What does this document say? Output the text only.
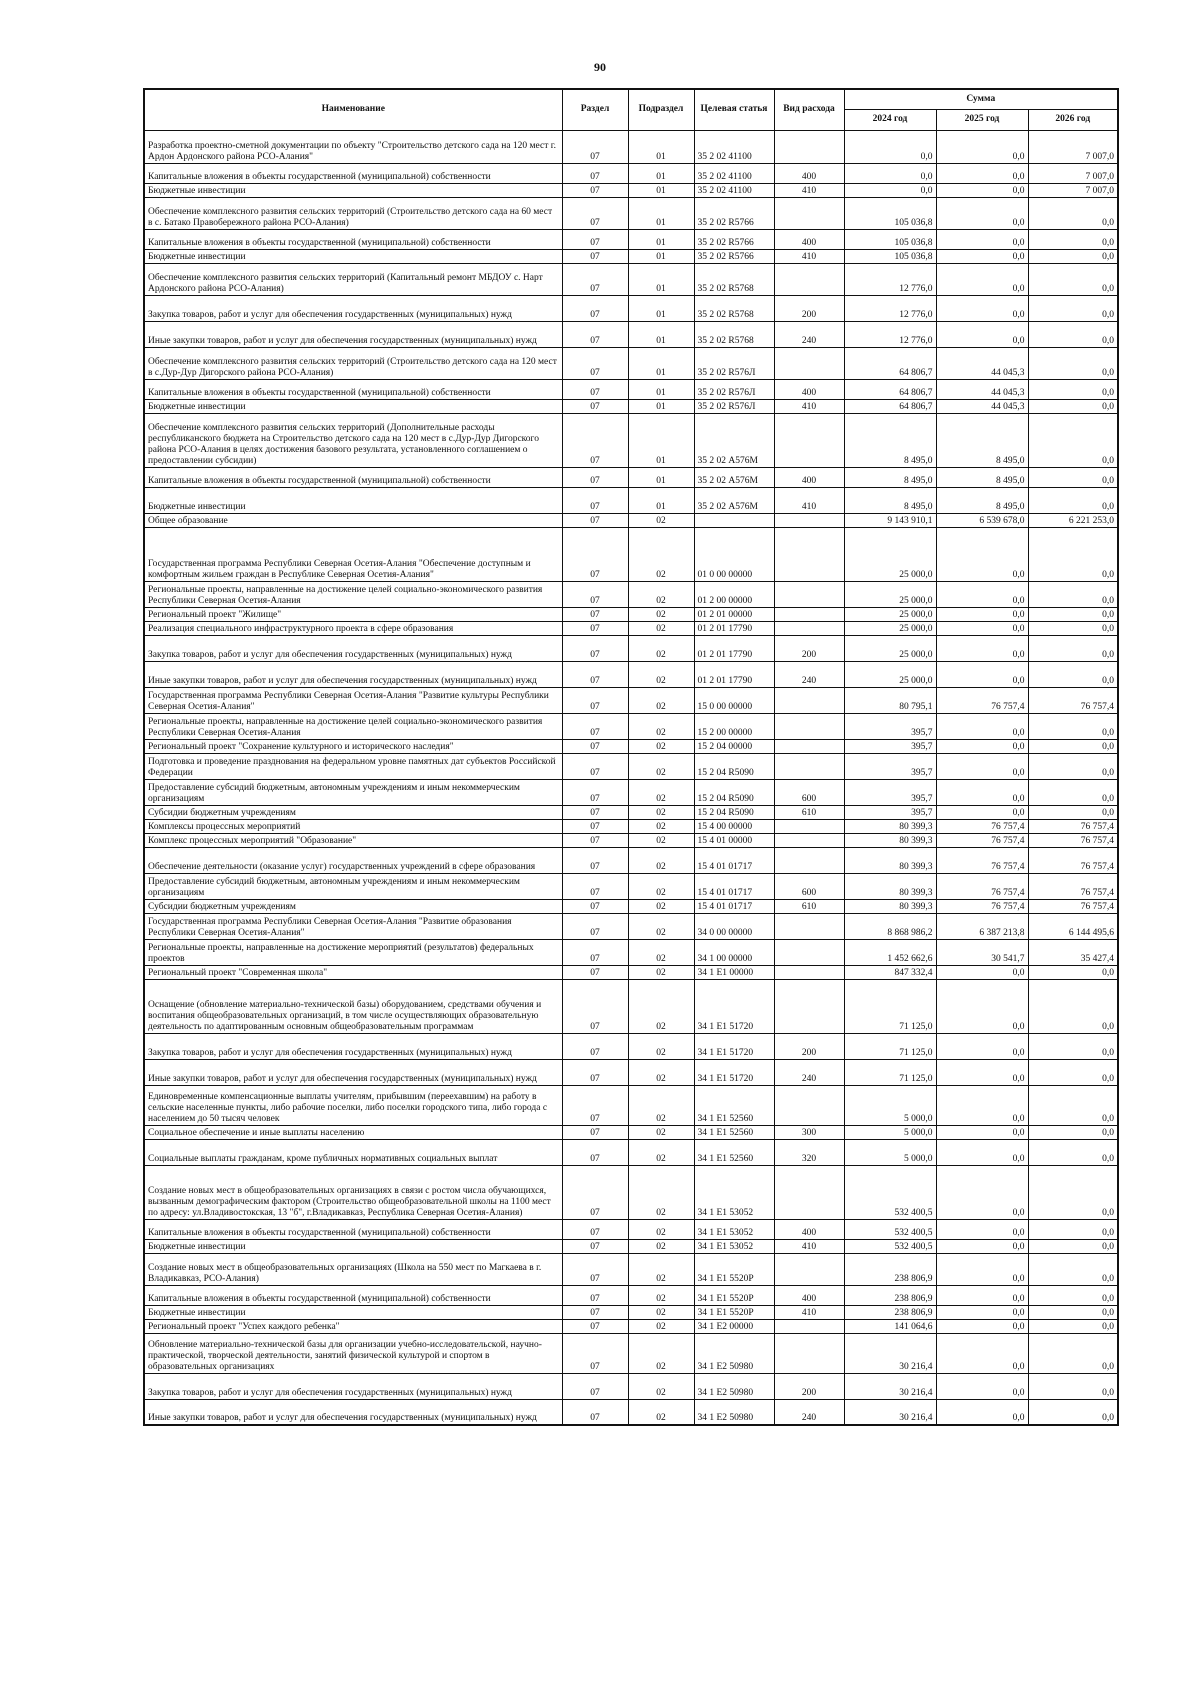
90
Наименование	Раздел	Подраздел	Целевая статья	Вид расхода	Сумма		
					2024 год	2025 год	2026 год
Разработка проектно-сметной документации по объекту "Строительство детского сада на 120 мест г. Ардон Ардонского района РСО-Алания"	07	01	35 2 02 41100		0,0	0,0	7 007,0
Капитальные вложения в объекты государственной (муниципальной) собственности	07	01	35 2 02 41100	400	0,0	0,0	7 007,0
Бюджетные инвестиции	07	01	35 2 02 41100	410	0,0	0,0	7 007,0
Обеспечение комплексного развития сельских территорий (Строительство детского сада на 60 мест в с. Батако Правобережного района РСО-Алания)	07	01	35 2 02 R5766		105 036,8	0,0	0,0
Капитальные вложения в объекты государственной (муниципальной) собственности	07	01	35 2 02 R5766	400	105 036,8	0,0	0,0
Бюджетные инвестиции	07	01	35 2 02 R5766	410	105 036,8	0,0	0,0
Обеспечение комплексного развития сельских территорий (Капитальный ремонт МБДОУ с. Нарт Ардонского района РСО-Алания)	07	01	35 2 02 R5768		12 776,0	0,0	0,0
Закупка товаров, работ и услуг для обеспечения государственных (муниципальных) нужд	07	01	35 2 02 R5768	200	12 776,0	0,0	0,0
Иные закупки товаров, работ и услуг для обеспечения государственных (муниципальных) нужд	07	01	35 2 02 R5768	240	12 776,0	0,0	0,0
Обеспечение комплексного развития сельских территорий (Строительство детского сада на 120 мест в с.Дур-Дур Дигорского района РСО-Алания)	07	01	35 2 02 R576Л		64 806,7	44 045,3	0,0
Капитальные вложения в объекты государственной (муниципальной) собственности	07	01	35 2 02 R576Л	400	64 806,7	44 045,3	0,0
Бюджетные инвестиции	07	01	35 2 02 R576Л	410	64 806,7	44 045,3	0,0
Обеспечение комплексного развития сельских территорий (Дополнительные расходы республиканского бюджета на Строительство детского сада на 120 мест в с.Дур-Дур Дигорского района РСО-Алания в целях достижения базового результата, установленного соглашением о предоставлении субсидии)	07	01	35 2 02 А576М		8 495,0	8 495,0	0,0
Капитальные вложения в объекты государственной (муниципальной) собственности	07	01	35 2 02 А576М	400	8 495,0	8 495,0	0,0
Бюджетные инвестиции	07	01	35 2 02 А576М	410	8 495,0	8 495,0	0,0
Общее образование	07	02			9 143 910,1	6 539 678,0	6 221 253,0
Государственная программа Республики Северная Осетия-Алания "Обеспечение доступным и комфортным жильем граждан в Республике Северная Осетия-Алания"	07	02	01 0 00 00000		25 000,0	0,0	0,0
Региональные проекты, направленные на достижение целей социально-экономического развития Республики Северная Осетия-Алания	07	02	01 2 00 00000		25 000,0	0,0	0,0
Региональный проект "Жилище"	07	02	01 2 01 00000		25 000,0	0,0	0,0
Реализация специального инфраструктурного проекта в сфере образования	07	02	01 2 01 17790		25 000,0	0,0	0,0
Закупка товаров, работ и услуг для обеспечения государственных (муниципальных) нужд	07	02	01 2 01 17790	200	25 000,0	0,0	0,0
Иные закупки товаров, работ и услуг для обеспечения государственных (муниципальных) нужд	07	02	01 2 01 17790	240	25 000,0	0,0	0,0
Государственная программа Республики Северная Осетия-Алания "Развитие культуры Республики Северная Осетия-Алания"	07	02	15 0 00 00000		80 795,1	76 757,4	76 757,4
Региональные проекты, направленные на достижение целей социально-экономического развития Республики Северная Осетия-Алания	07	02	15 2 00 00000		395,7	0,0	0,0
Региональный проект "Сохранение культурного и исторического наследия"	07	02	15 2 04 00000		395,7	0,0	0,0
Подготовка и проведение празднования на федеральном уровне памятных дат субъектов Российской Федерации	07	02	15 2 04 R5090		395,7	0,0	0,0
Предоставление субсидий бюджетным, автономным учреждениям и иным некоммерческим организациям	07	02	15 2 04 R5090	600	395,7	0,0	0,0
Субсидии бюджетным учреждениям	07	02	15 2 04 R5090	610	395,7	0,0	0,0
Комплексы процессных мероприятий	07	02	15 4 00 00000		80 399,3	76 757,4	76 757,4
Комплекс процессных мероприятий "Образование"	07	02	15 4 01 00000		80 399,3	76 757,4	76 757,4
Обеспечение деятельности (оказание услуг) государственных учреждений в сфере образования	07	02	15 4 01 01717		80 399,3	76 757,4	76 757,4
Предоставление субсидий бюджетным, автономным учреждениям и иным некоммерческим организациям	07	02	15 4 01 01717	600	80 399,3	76 757,4	76 757,4
Субсидии бюджетным учреждениям	07	02	15 4 01 01717	610	80 399,3	76 757,4	76 757,4
Государственная программа Республики Северная Осетия-Алания "Развитие образования Республики Северная Осетия-Алания"	07	02	34 0 00 00000		8 868 986,2	6 387 213,8	6 144 495,6
Региональные проекты, направленные на достижение мероприятий (результатов) федеральных проектов	07	02	34 1 00 00000		1 452 662,6	30 541,7	35 427,4
Региональный проект "Современная школа"	07	02	34 1 E1 00000		847 332,4	0,0	0,0
Оснащение (обновление материально-технической базы) оборудованием, средствами обучения и воспитания общеобразовательных организаций, в том числе осуществляющих образовательную деятельность по адаптированным основным общеобразовательным программам	07	02	34 1 E1 51720		71 125,0	0,0	0,0
Закупка товаров, работ и услуг для обеспечения государственных (муниципальных) нужд	07	02	34 1 E1 51720	200	71 125,0	0,0	0,0
Иные закупки товаров, работ и услуг для обеспечения государственных (муниципальных) нужд	07	02	34 1 E1 51720	240	71 125,0	0,0	0,0
Единовременные компенсационные выплаты учителям, прибывшим (переехавшим) на работу в сельские населенные пункты, либо рабочие поселки, либо поселки городского типа, либо города с населением до 50 тысяч человек	07	02	34 1 E1 52560		5 000,0	0,0	0,0
Социальное обеспечение и иные выплаты населению	07	02	34 1 E1 52560	300	5 000,0	0,0	0,0
Социальные выплаты гражданам, кроме публичных нормативных социальных выплат	07	02	34 1 E1 52560	320	5 000,0	0,0	0,0
Создание новых мест в общеобразовательных организациях в связи с ростом числа обучающихся, вызванным демографическим фактором (Строительство общеобразовательной школы на 1100 мест по адресу: ул.Владивостокская, 13 "б", г.Владикавказ, Республика Северная Осетия-Алания)	07	02	34 1 E1 53052		532 400,5	0,0	0,0
Капитальные вложения в объекты государственной (муниципальной) собственности	07	02	34 1 E1 53052	400	532 400,5	0,0	0,0
Бюджетные инвестиции	07	02	34 1 E1 53052	410	532 400,5	0,0	0,0
Создание новых мест в общеобразовательных организациях (Школа на 550 мест по Магкаева в г. Владикавказ, РСО-Алания)	07	02	34 1 E1 5520P		238 806,9	0,0	0,0
Капитальные вложения в объекты государственной (муниципальной) собственности	07	02	34 1 E1 5520P	400	238 806,9	0,0	0,0
Бюджетные инвестиции	07	02	34 1 E1 5520P	410	238 806,9	0,0	0,0
Региональный проект "Успех каждого ребенка"	07	02	34 1 E2 00000		141 064,6	0,0	0,0
Обновление материально-технической базы для организации учебно-исследовательской, научно-практической, творческой деятельности, занятий физической культурой и спортом в образовательных организациях	07	02	34 1 E2 50980		30 216,4	0,0	0,0
Закупка товаров, работ и услуг для обеспечения государственных (муниципальных) нужд	07	02	34 1 E2 50980	200	30 216,4	0,0	0,0
Иные закупки товаров, работ и услуг для обеспечения государственных (муниципальных) нужд	07	02	34 1 E2 50980	240	30 216,4	0,0	0,0
